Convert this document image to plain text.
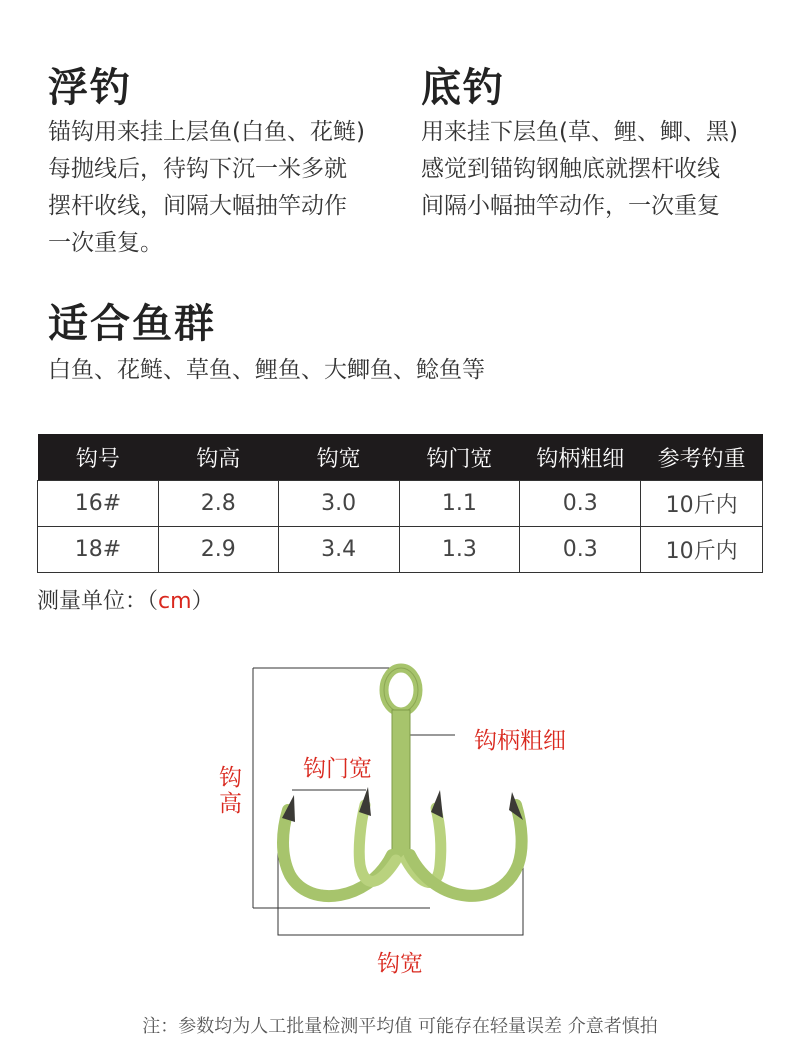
浮钓
锚钩用来挂上层鱼(白鱼、花鲢)
每抛线后，待钩下沉一米多就
摆杆收线，间隔大幅抽竿动作
一次重复。
底钓
用来挂下层鱼(草、鲤、鲫、黑)
感觉到锚钩钢触底就摆杆收线
间隔小幅抽竿动作，一次重复
适合鱼群
白鱼、花鲢、草鱼、鲤鱼、大鲫鱼、鲶鱼等
钩号	钩高	钩宽	钩门宽	钩柄粗细	参考钓重
16#	2.8	3.0	1.1	0.3	10斤内
18#	2.9	3.4	1.3	0.3	10斤内
测量单位：（cm）
钩柄粗细
钩门宽
钩
高
钩宽
注：参数均为人工批量检测平均值 可能存在轻量误差 介意者慎拍
